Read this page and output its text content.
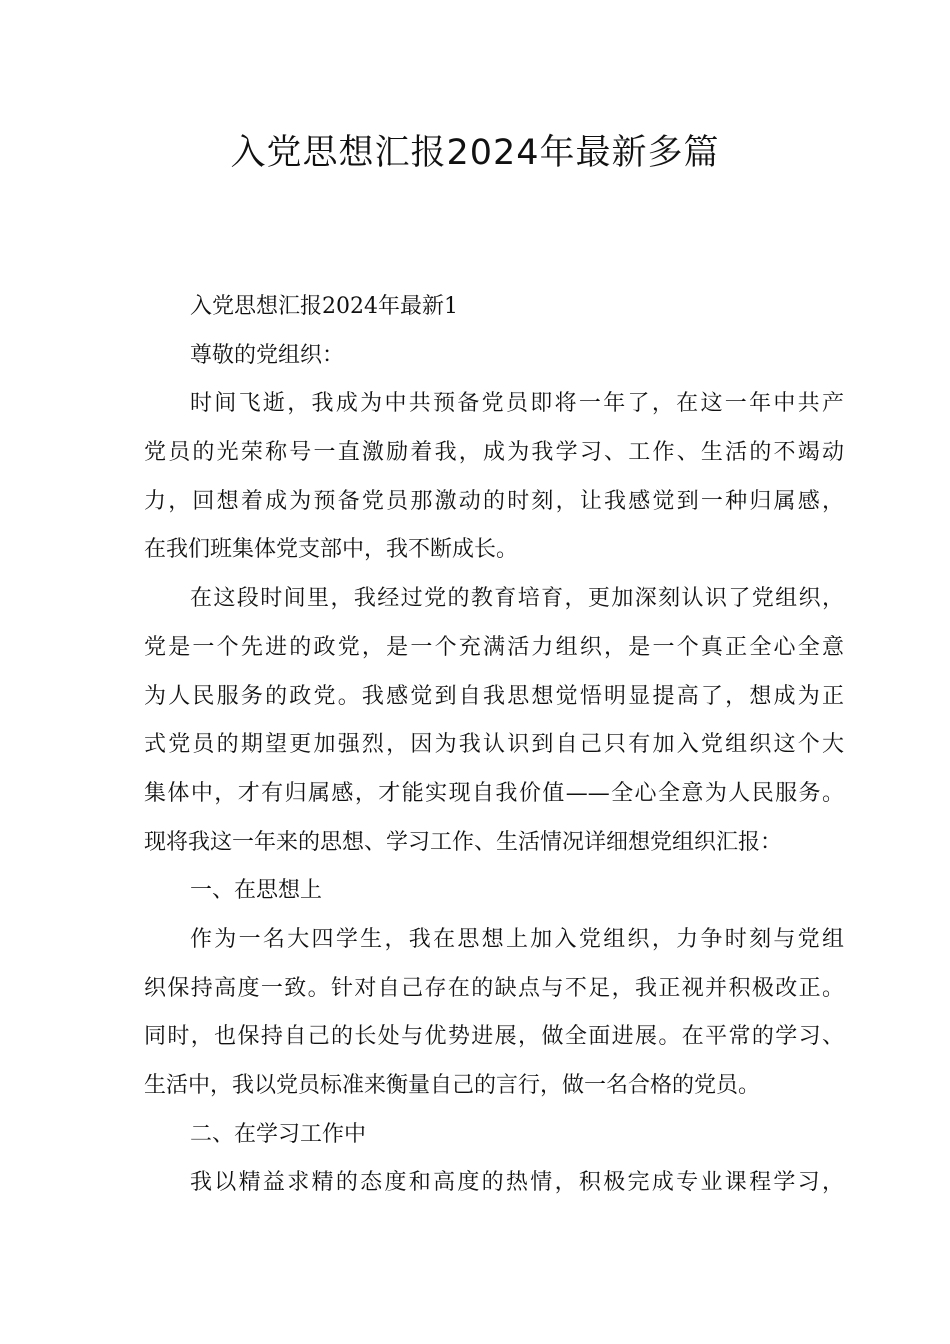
入党思想汇报2024年最新多篇
入党思想汇报2024年最新1
尊敬的党组织：
时间飞逝，我成为中共预备党员即将一年了，在这一年中共产
党员的光荣称号一直激励着我，成为我学习、工作、生活的不竭动
力，回想着成为预备党员那激动的时刻，让我感觉到一种归属感，
在我们班集体党支部中，我不断成长。
在这段时间里，我经过党的教育培育，更加深刻认识了党组织，
党是一个先进的政党，是一个充满活力组织，是一个真正全心全意
为人民服务的政党。我感觉到自我思想觉悟明显提高了，想成为正
式党员的期望更加强烈，因为我认识到自己只有加入党组织这个大
集体中，才有归属感，才能实现自我价值——全心全意为人民服务。
现将我这一年来的思想、学习工作、生活情况详细想党组织汇报：
一、在思想上
作为一名大四学生，我在思想上加入党组织，力争时刻与党组
织保持高度一致。针对自己存在的缺点与不足，我正视并积极改正。
同时，也保持自己的长处与优势进展，做全面进展。在平常的学习、
生活中，我以党员标准来衡量自己的言行，做一名合格的党员。
二、在学习工作中
我以精益求精的态度和高度的热情，积极完成专业课程学习，
